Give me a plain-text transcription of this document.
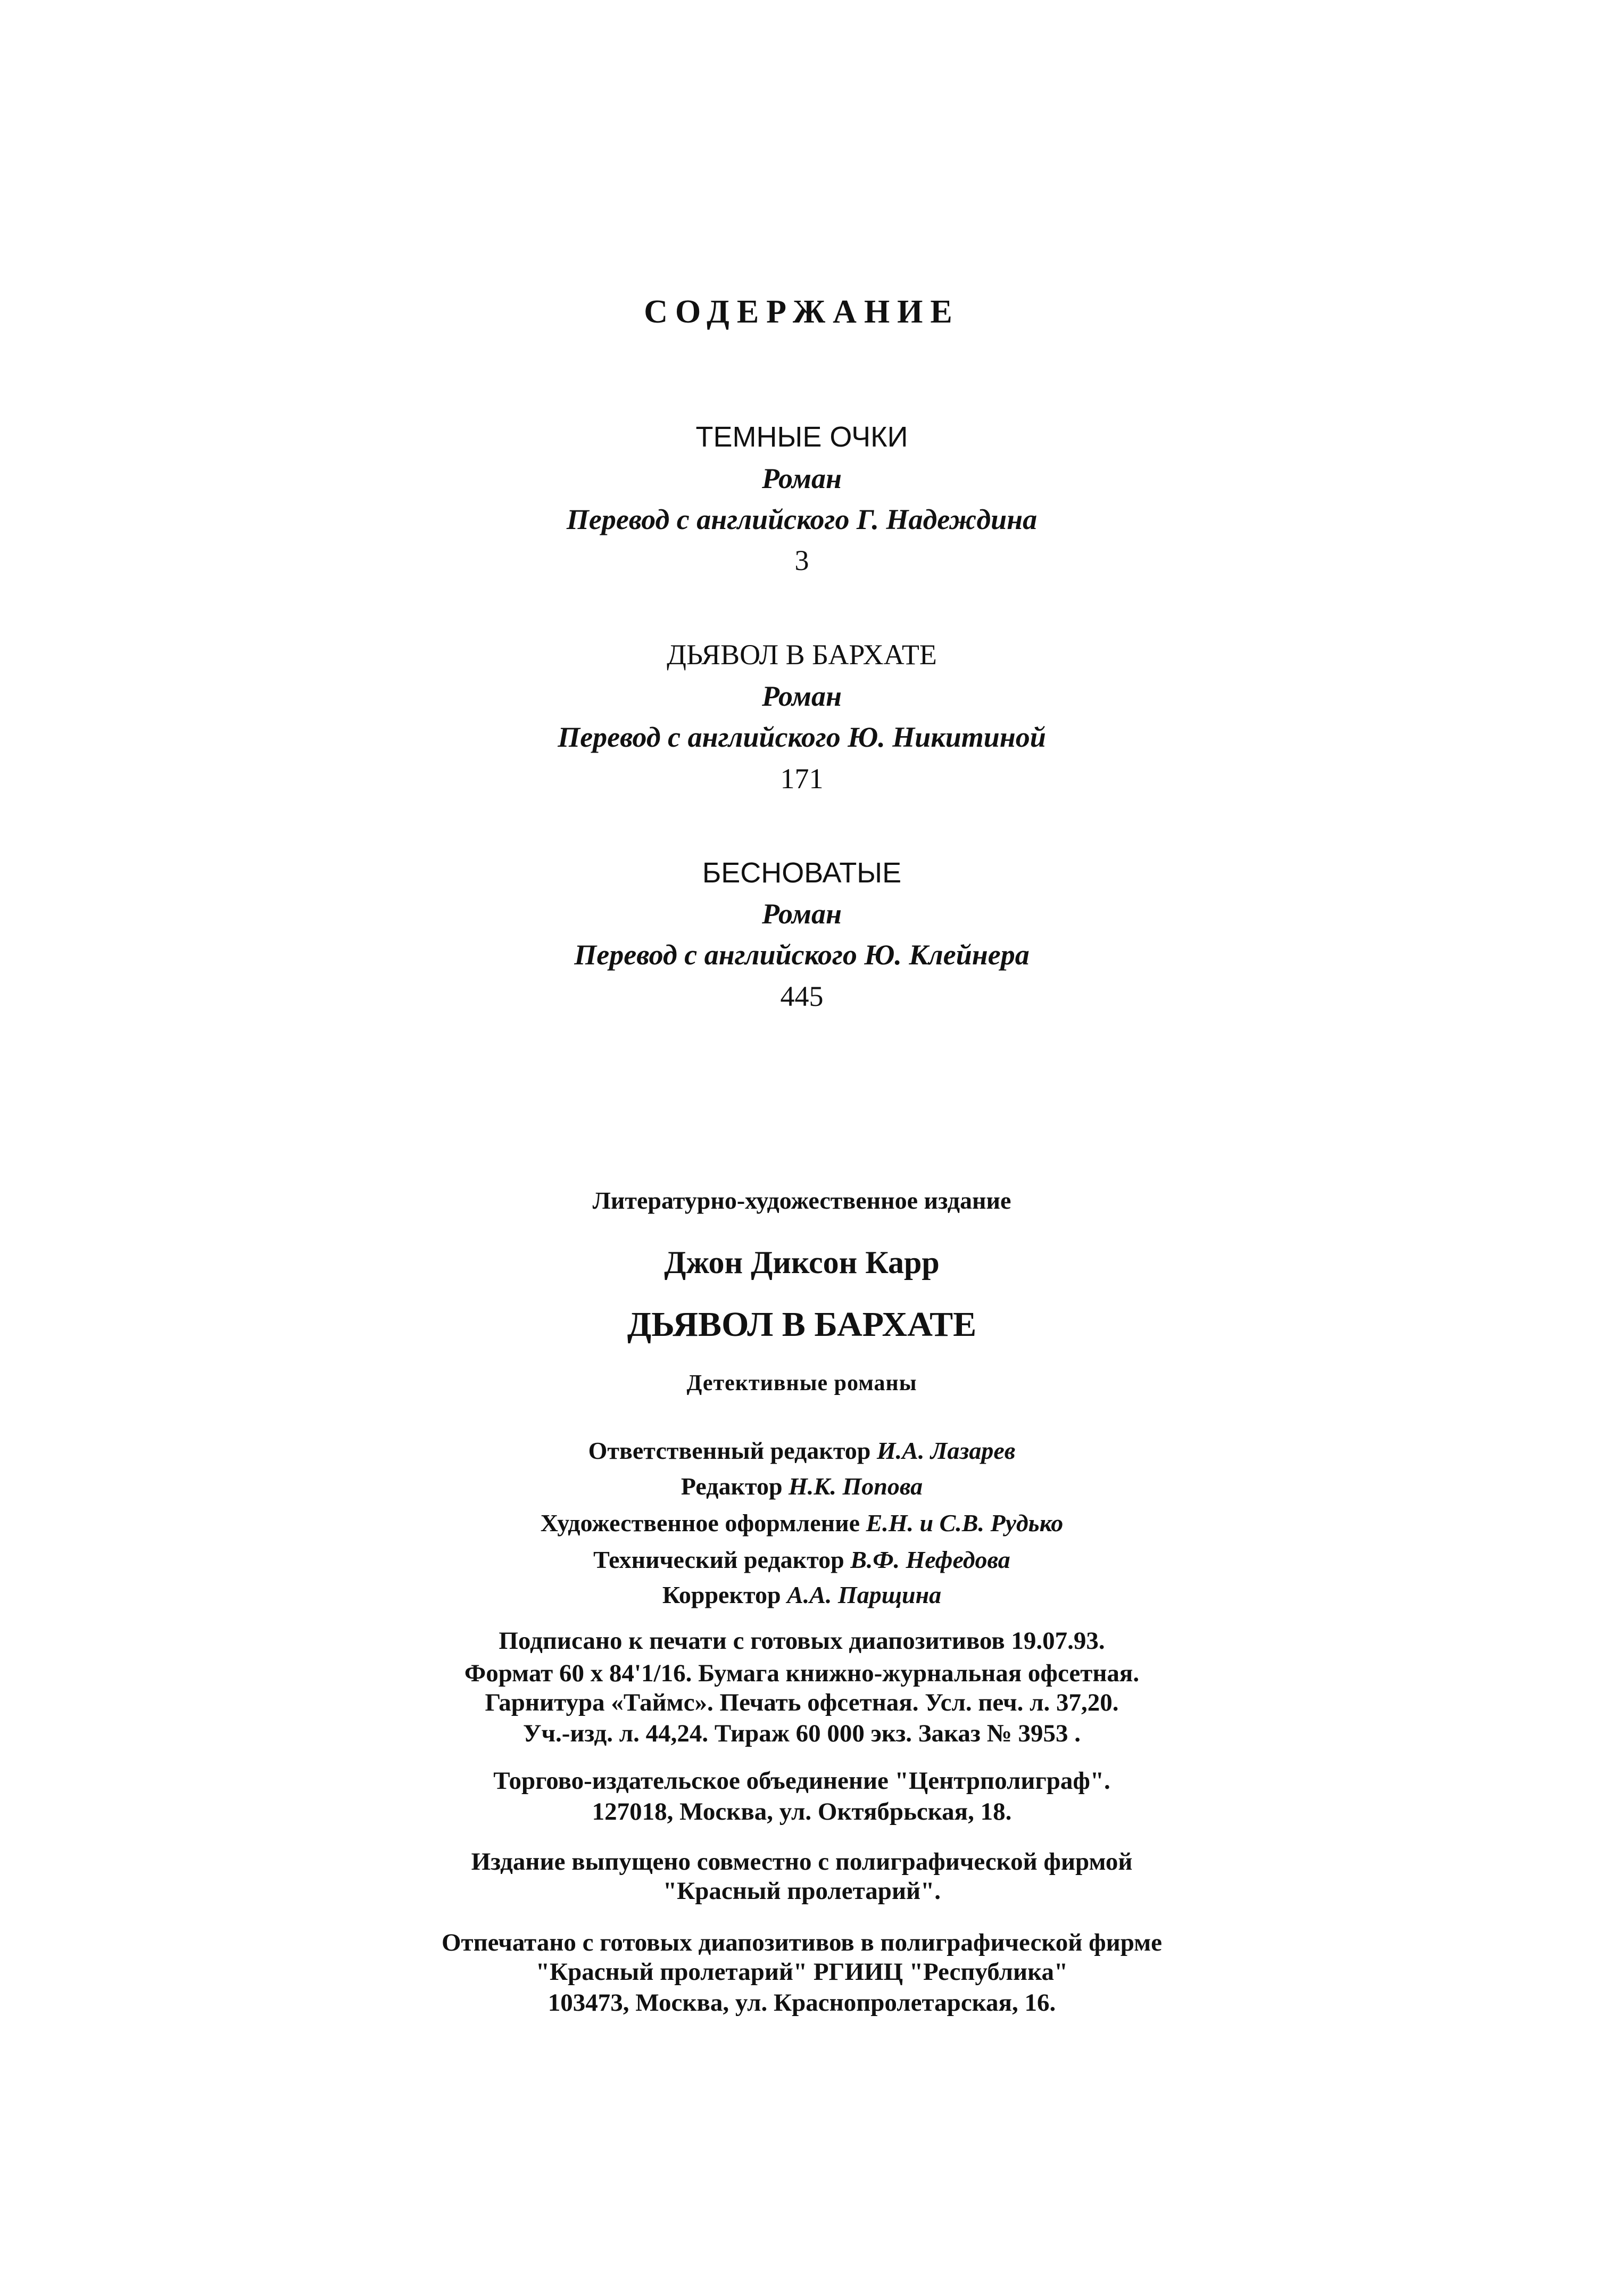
СОДЕРЖАНИЕ
ТЕМНЫЕ ОЧКИ
Роман
Перевод с английского Г. Надеждина
3
ДЬЯВОЛ В БАРХАТЕ
Роман
Перевод с английского Ю. Никитиной
171
БЕСНОВАТЫЕ
Роман
Перевод с английского Ю. Клейнера
445
Литературно-художественное издание
Джон Диксон Карр
ДЬЯВОЛ В БАРХАТЕ
Детективные романы
Ответственный редактор И.А. Лазарев
Редактор Н.К. Попова
Художественное оформление Е.Н. и С.В. Рудько
Технический редактор В.Ф. Нефедова
Корректор А.А. Парщина
Подписано к печати с готовых диапозитивов 19.07.93.
Формат 60 x 84'1/16. Бумага книжно-журнальная офсетная.
Гарнитура «Таймс». Печать офсетная. Усл. печ. л. 37,20.
Уч.-изд. л. 44,24. Тираж 60 000 экз. Заказ № 3953 .
Торгово-издательское объединение "Центрполиграф".
127018, Москва, ул. Октябрьская, 18.
Издание выпущено совместно с полиграфической фирмой
"Красный пролетарий".
Отпечатано с готовых диапозитивов в полиграфической фирме
"Красный пролетарий" РГИИЦ "Республика"
103473, Москва, ул. Краснопролетарская, 16.
